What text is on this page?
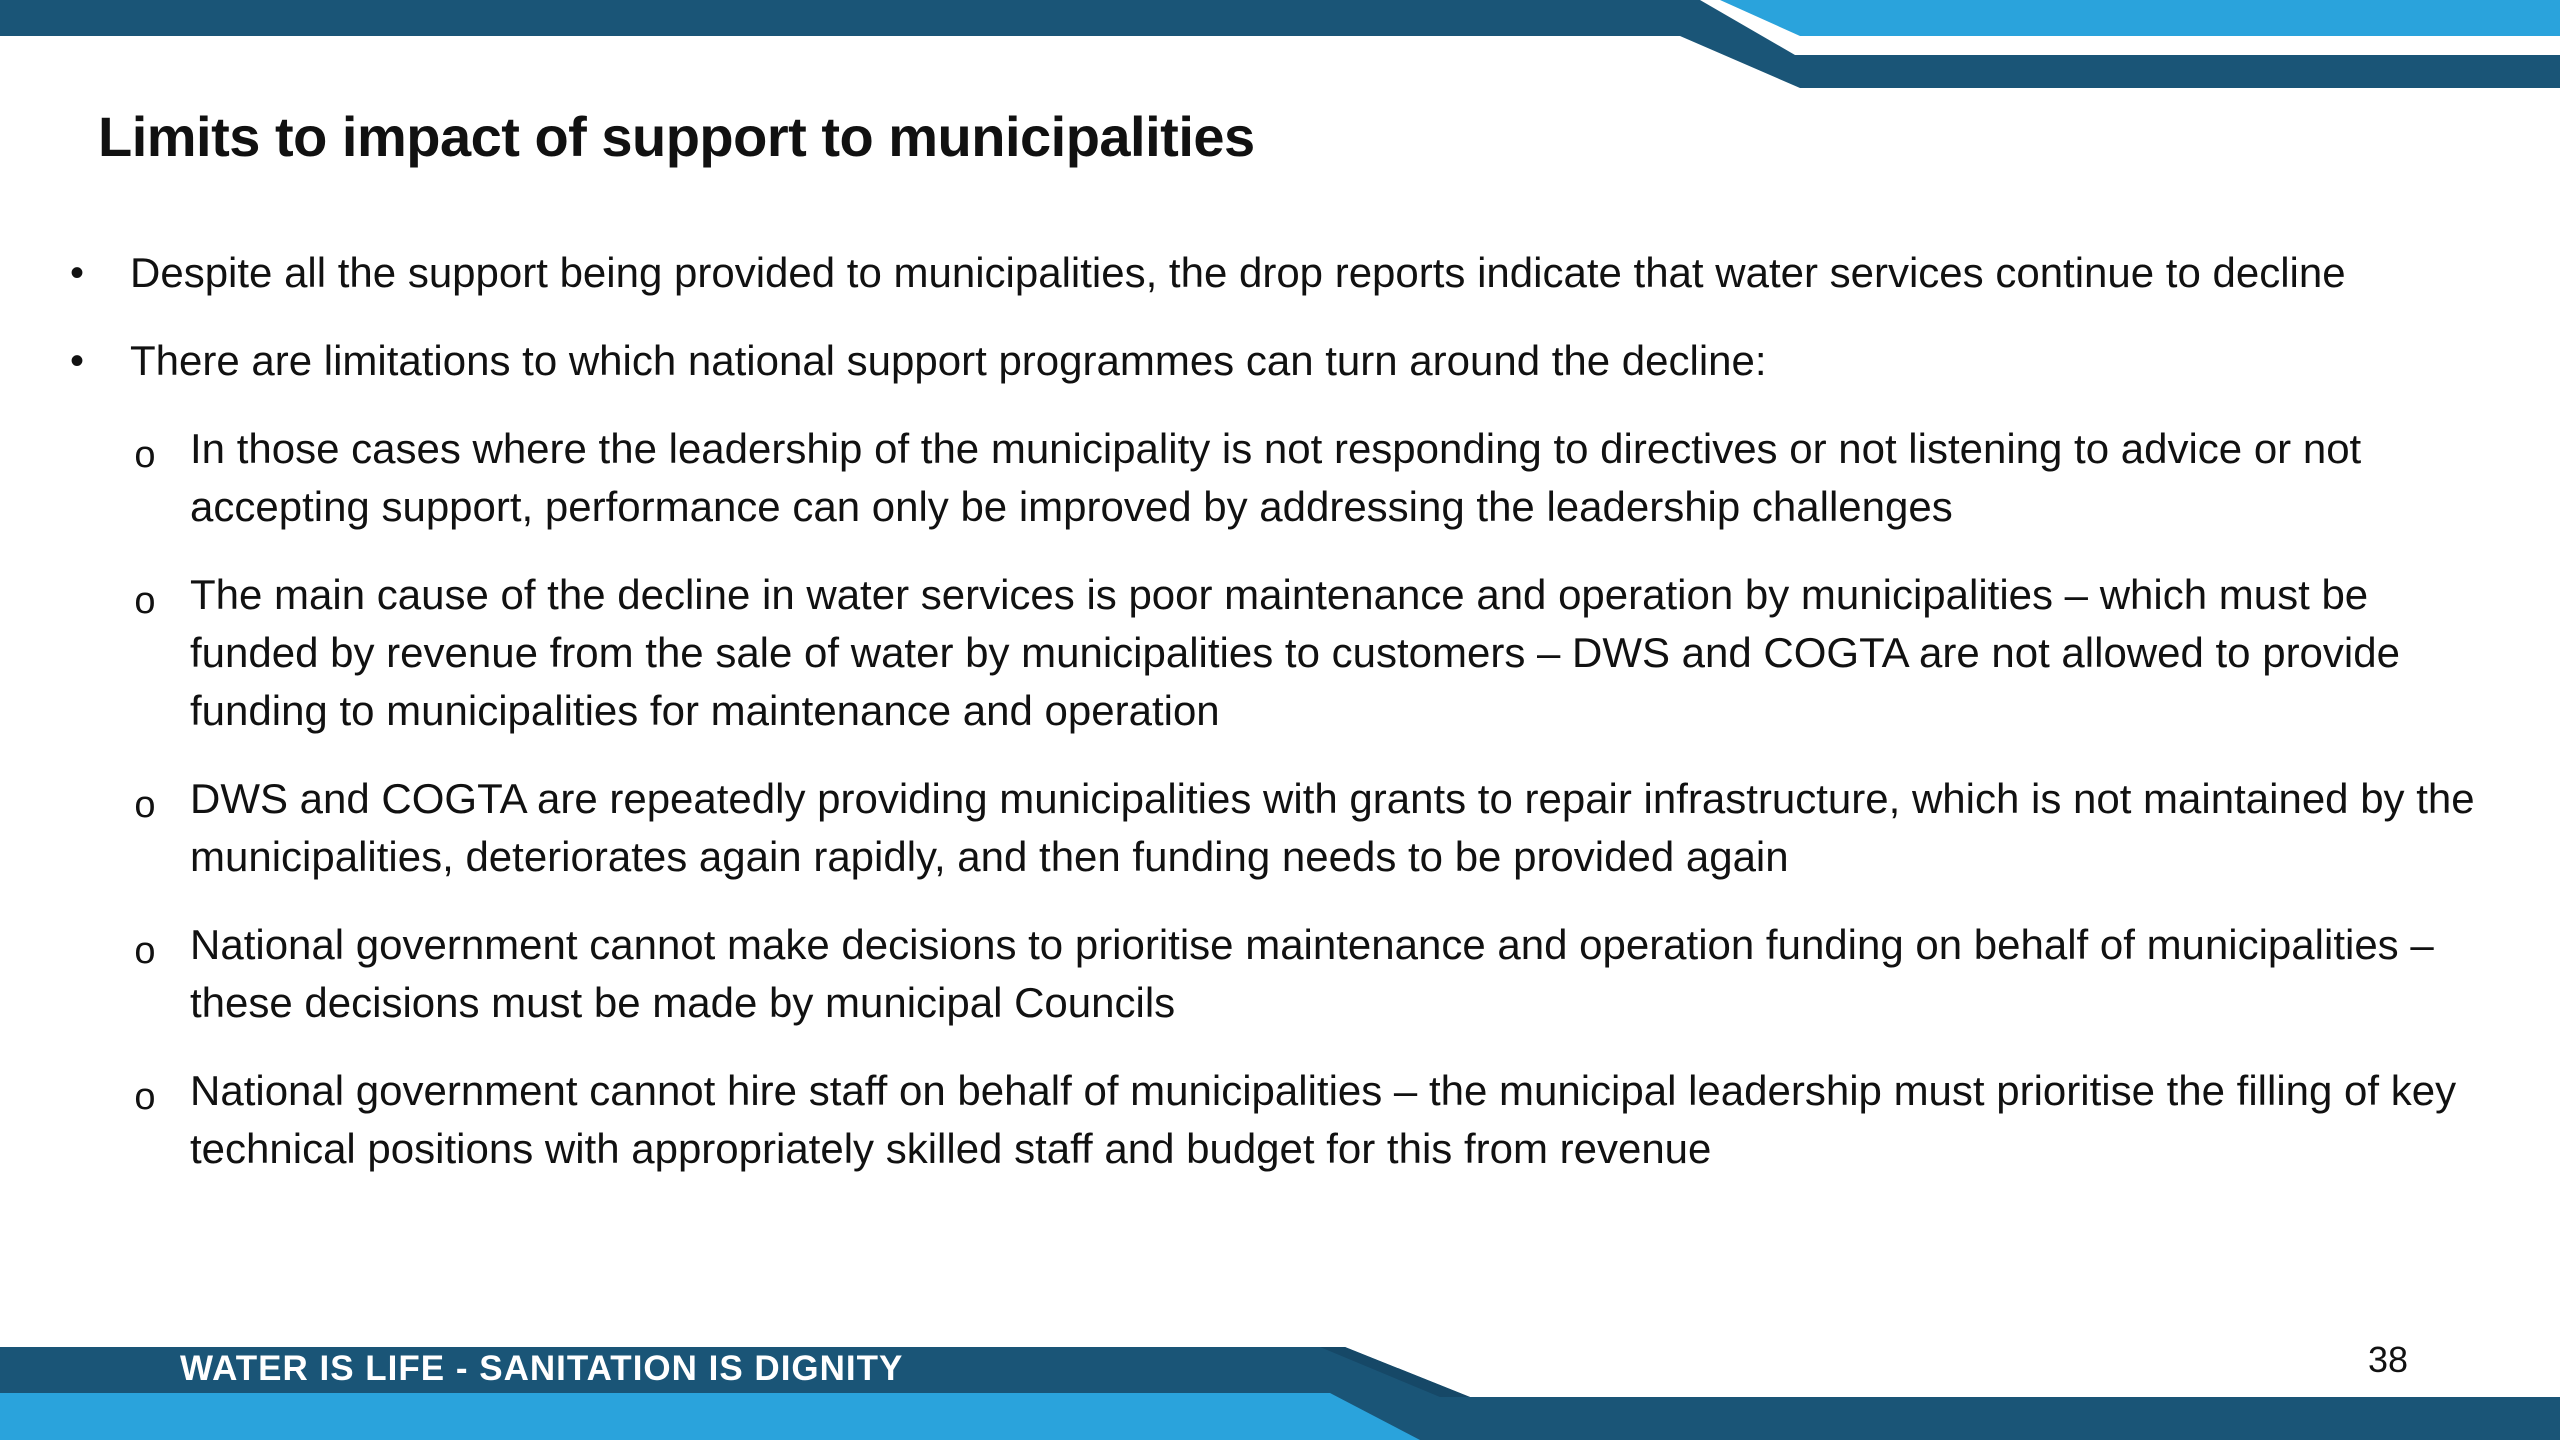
Limits to impact of support to municipalities
• Despite all the support being provided to municipalities, the drop reports indicate that water services continue to decline
• There are limitations to which national support programmes can turn around the decline:
o In those cases where the leadership of the municipality is not responding to directives or not listening to advice or not accepting support, performance can only be improved by addressing the leadership challenges
o The main cause of the decline in water services is poor maintenance and operation by municipalities – which must be funded by revenue from the sale of water by municipalities to customers – DWS and COGTA are not allowed to provide funding to municipalities for maintenance and operation
o DWS and COGTA are repeatedly providing municipalities with grants to repair infrastructure, which is not maintained by the municipalities, deteriorates again rapidly, and then funding needs to be provided again
o National government cannot make decisions to prioritise maintenance and operation funding on behalf of municipalities – these decisions must be made by municipal Councils
o National government cannot hire staff on behalf of municipalities – the municipal leadership must prioritise the filling of key technical positions with appropriately skilled staff and budget for this from revenue
WATER IS LIFE - SANITATION IS DIGNITY	38
